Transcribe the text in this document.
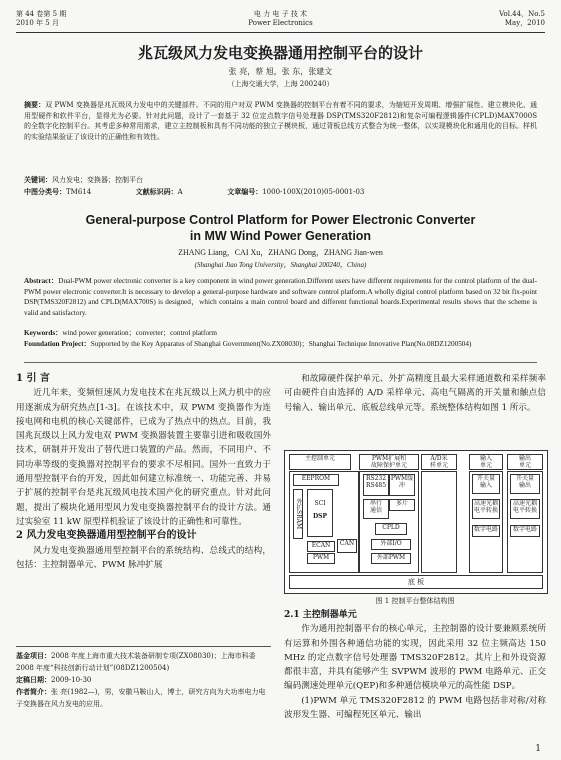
第 44 卷第 5 期
2010 年 5 月
电 力 电 子 技 术
Power Electronics
Vol.44，No.5
May，2010
兆瓦级风力发电变换器通用控制平台的设计
张 亮，蔡 旭，张 东，张建文
（上海交通大学，上海 200240）
摘要：双 PWM 变换器是兆瓦级风力发电中的关键部件。不同的用户对双 PWM 变换器的控制平台有着不同的要求，为缩短开发周期、增强扩展性、建立模块化、通用型硬件和软件平台，显得尤为必要。针对此问题，设计了一套基于 32 位定点数字信号处理器 DSP(TMS320F2812)和复杂可编程逻辑器件(CPLD)MAX7000S 的全数字化控制平台。其考虑多种常用需求，建立主控制板和具有不同功能的独立子模块板，通过背板总线方式整合为统一整体，以实现模块化和通用化的目标。样机的实验结果验证了该设计的正确性和有效性。
关键词：风力发电；变换器；控制平台
中图分类号：TM614	文献标识码：A	文章编号：1000-100X(2010)05-0001-03
General-purpose Control Platform for Power Electronic Converter
in MW Wind Power Generation
ZHANG Liang，CAI Xu，ZHANG Dong，ZHANG Jian-wen
(Shanghai Jiao Tong University，Shanghai 200240，China)
Abstract：Dual-PWM power electronic converter is a key component in wind power generation.Different users have different requirements for the control platform of the dual-PWM power electronic converter.It is necessary to develop a general-purpose hardware and software control platform.A wholly digital control platform based on 32 bit fix-point DSP(TMS320F2812) and CPLD(MAX700S) is designed，which contains a main control board and different functional boards.Experimental results shows that the scheme is valid and satisfactory.
Keywords：wind power generation；converter；control platform
Foundation Project：Supported by the Key Apparatus of Shanghai Government(No.ZX08030)；Shanghai Technique Innovative Plan(No.08DZ1200504)

1 引 言

近几年来，变频恒速风力发电技术在兆瓦级以上风力机中的应用逐渐成为研究热点[1-3]。在该技术中，双 PWM 变换器作为连接电网和电机的核心关键部件，已成为了热点中的热点。目前，我国兆瓦级以上风力发电双 PWM 变换器装置主要靠引进和吸收国外技术，研制并开发出了替代进口装置的产品。然而，不同用户、不同功率等级的变换器对控制平台的要求不尽相同。国外一直致力于通用型控制平台的开发，因此如何建立标准统一、功能完善、并易于扩展的控制平台是兆瓦级风电技术国产化的研究重点。针对此问题，提出了模块化通用型风力发电变换器控制平台的设计方法。通过实验室 11 kW 原型样机验证了该设计的正确性和可靠性。

2 风力发电变换器通用型控制平台的设计

风力发电变换器通用型控制平台的系统结构、总线式的结构，包括：主控制器单元、PWM 脉冲扩展

基金项目：2008 年度上海市重大技术装备研制专项(ZX08030)；上海市科委 2008 年度“科技创新行动计划”(08DZ1200504)
定稿日期：2009-10-30
作者简介：张 亮(1982—)，男，安徽马鞍山人，博士，研究方向为大功率电力电子变换器在风力发电的应用。

和故障硬件保护单元、外扩高精度且最大采样通道数和采样频率可由硬件自由选择的 A/D 采样单元、高电气隔离的开关量和触点信号输入、输出单元、底板总线单元等。系统整体结构如图 1 所示。

主控制单元	PWM扩展和
故障保护单元
A/D采
样单元
输入
单元
输出
单元
EEPROM
外扩SRAM	SCI
DSP
ECAN
PWM
CAN
RS232
RS485
PWM缓
冲
串行
通信
多片
CPLD
外部I/O
外部PWM
开关量
输入
高速光耦
电平转换
数字电路
开关量
输出
高速光耦
电平转换
数字电路
底 板
图 1 控制平台整体结构图

2.1 主控制器单元

作为通用控制器平台的核心单元，主控制器的设计要兼顾系统所有运算和外围各种通信功能的实现，因此采用 32 位主频高达 150 MHz 的定点数字信号处理器 TMS320F2812。其片上和外设资源都很丰富，并具有能够产生 SVPWM 波形的 PWM 电路单元、正交编码测速处理单元(QEP)和多种通信模块单元的高性能 DSP。

(1)PWM 单元 TMS320F2812 的 PWM 电路包括非对称/对称波形发生器、可编程死区单元、输出

1
